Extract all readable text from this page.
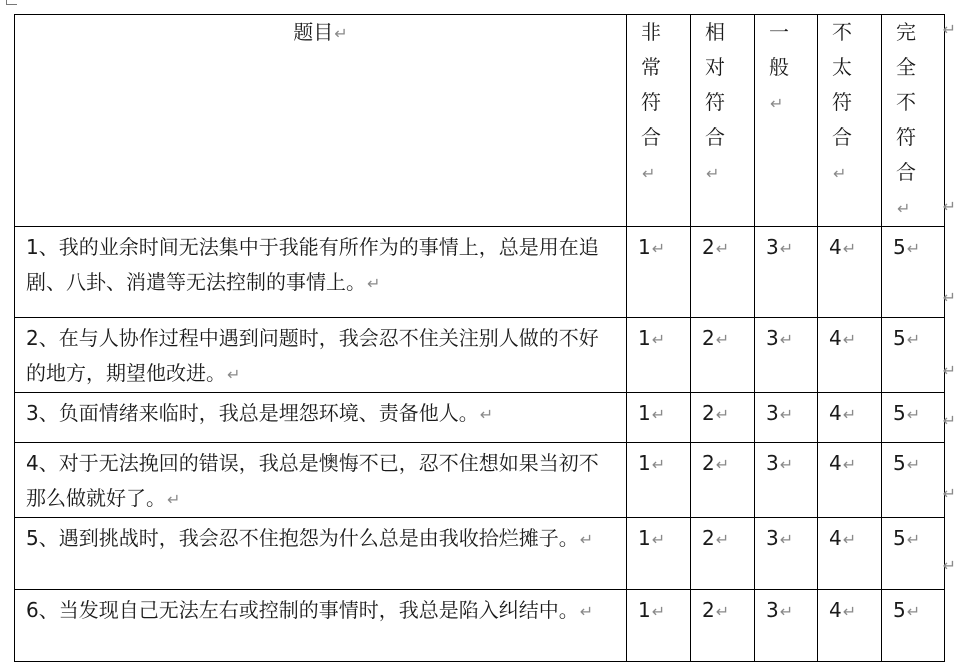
题目↵	非常符合↵	相对符合↵	一般↵	不太符合↵	完全不符合↵

1、我的业余时间无法集中于我能有所作为的事情上，总是用在追剧、八卦、消遣等无法控制的事情上。↵	1↵	2↵	3↵	4↵	5↵
2、在与人协作过程中遇到问题时，我会忍不住关注别人做的不好的地方，期望他改进。↵	1↵	2↵	3↵	4↵	5↵
3、负面情绪来临时，我总是埋怨环境、责备他人。↵	1↵	2↵	3↵	4↵	5↵
4、对于无法挽回的错误，我总是懊悔不已，忍不住想如果当初不那么做就好了。↵	1↵	2↵	3↵	4↵	5↵
5、遇到挑战时，我会忍不住抱怨为什么总是由我收拾烂摊子。↵	1↵	2↵	3↵	4↵	5↵
6、当发现自己无法左右或控制的事情时，我总是陷入纠结中。↵	1↵	2↵	3↵	4↵	5↵
↵
↵
↵
↵
↵
↵
↵
